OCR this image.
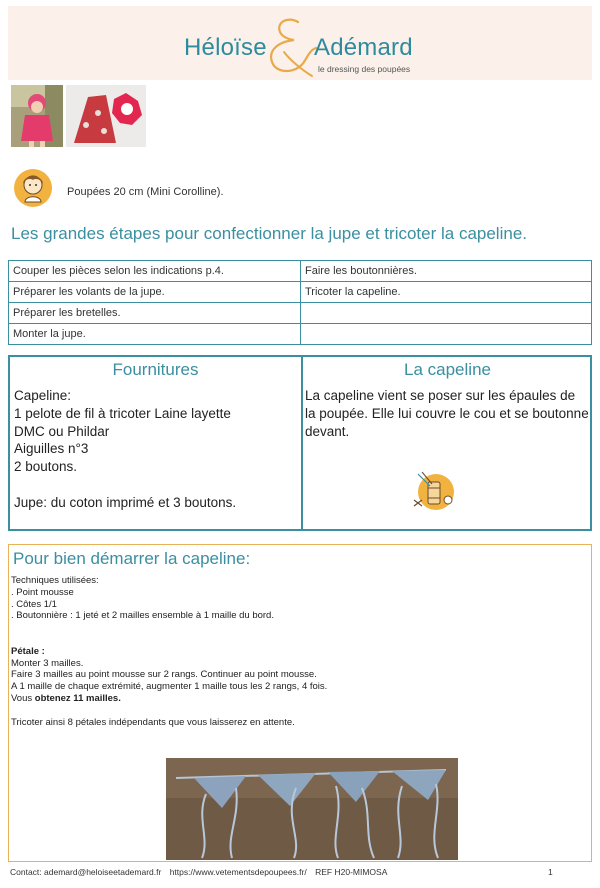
Héloïse Adémard
le dressing des poupées
Poupées 20 cm (Mini Corolline).
Les grandes étapes pour confectionner la jupe et tricoter la capeline.
Couper les pièces selon les indications p.4.	Faire les boutonnières.
Préparer les volants de la jupe.	Tricoter la capeline.
Préparer les bretelles.	
Monter la jupe.	
Fournitures	La capeline
Capeline:
1 pelote de fil à tricoter Laine layette
DMC ou Phildar
Aiguilles n°3
2 boutons.
Jupe: du coton imprimé et 3 boutons.
La capeline vient se poser sur les épaules de la poupée. Elle lui couvre le cou et se boutonne devant.
Pour bien démarrer la capeline:
Techniques utilisées:
. Point mousse
. Côtes 1/1
. Boutonnière : 1 jeté et 2 mailles ensemble à 1 maille du bord.
Pétale :
Monter 3 mailles.
Faire 3 mailles au point mousse sur 2 rangs. Continuer au point mousse.
A 1 maille de chaque extrémité, augmenter 1 maille tous les 2 rangs, 4 fois.
Vous obtenez 11 mailles.
Tricoter ainsi 8 pétales indépendants que vous laisserez en attente.
Contact: ademard@heloiseetademard.fr https://www.vetementsdepoupees.fr/ REF H20-MIMOSA	1
